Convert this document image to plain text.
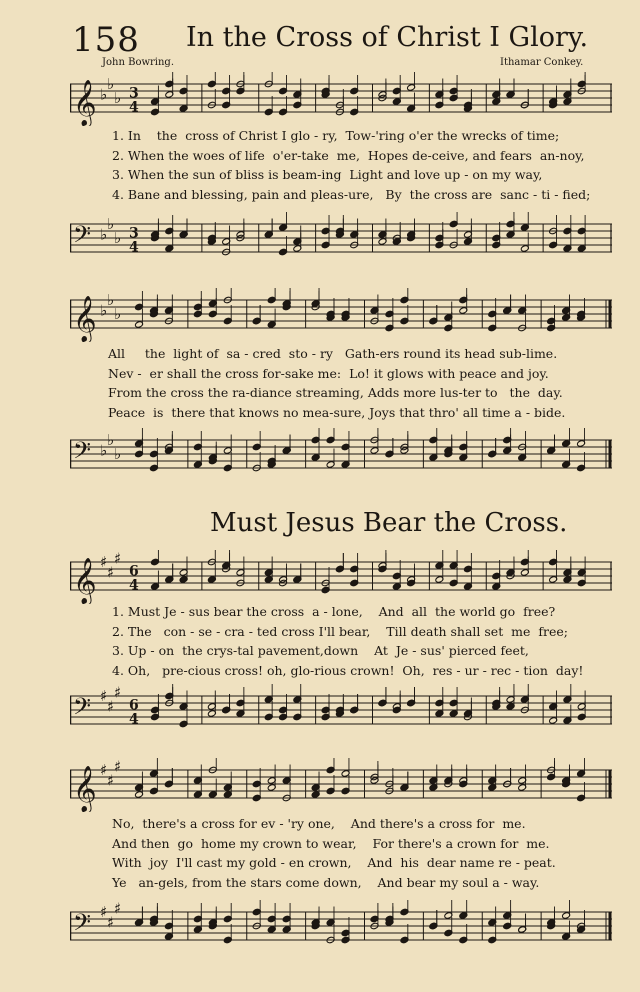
158 In the Cross of Christ I Glory.
John Bowring.	Ithamar Conkey.
𝄞 ♭
♭
♭ 3
4
1. In    the  cross of Christ I glo - ry,  Tow-'ring o'er the wrecks of time;
2. When the woes of life  o'er-take  me,  Hopes de-ceive, and fears  an-noy,
3. When the sun of bliss is beam-ing  Light and love up - on my way,
4. Bane and blessing, pain and pleas-ure,   By  the cross are  sanc - ti - fied;
𝄢 ♭
♭
♭ 3
4
𝄞 ♭
♭
♭
All     the  light of  sa - cred  sto - ry   Gath-ers round its head sub-lime.
Nev -  er shall the cross for-sake me:  Lo! it glows with peace and joy.
From the cross the ra-diance streaming, Adds more lus-ter to   the  day.
Peace  is  there that knows no mea-sure, Joys that thro' all time a - bide.
𝄢 ♭
♭
♭
Must Jesus Bear the Cross.
𝄞 ♯
♯
♯
6
4
1. Must Je - sus bear the cross  a - lone,    And  all  the world go  free?
2. The   con - se - cra - ted cross I'll bear,    Till death shall set  me  free;
3. Up - on  the crys-tal pavement,down    At  Je - sus' pierced feet,
4. Oh,   pre-cious cross! oh, glo-rious crown!  Oh,  res - ur - rec - tion  day!
𝄢 ♯
♯
♯
6
4
𝄞 ♯
♯
♯
No,  there's a cross for ev - 'ry one,    And there's a cross for  me.
And then  go  home my crown to wear,    For there's a crown for  me.
With  joy  I'll cast my gold - en crown,    And  his  dear name re - peat.
Ye   an-gels, from the stars come down,    And bear my soul a - way.
𝄢 ♯
♯
♯
